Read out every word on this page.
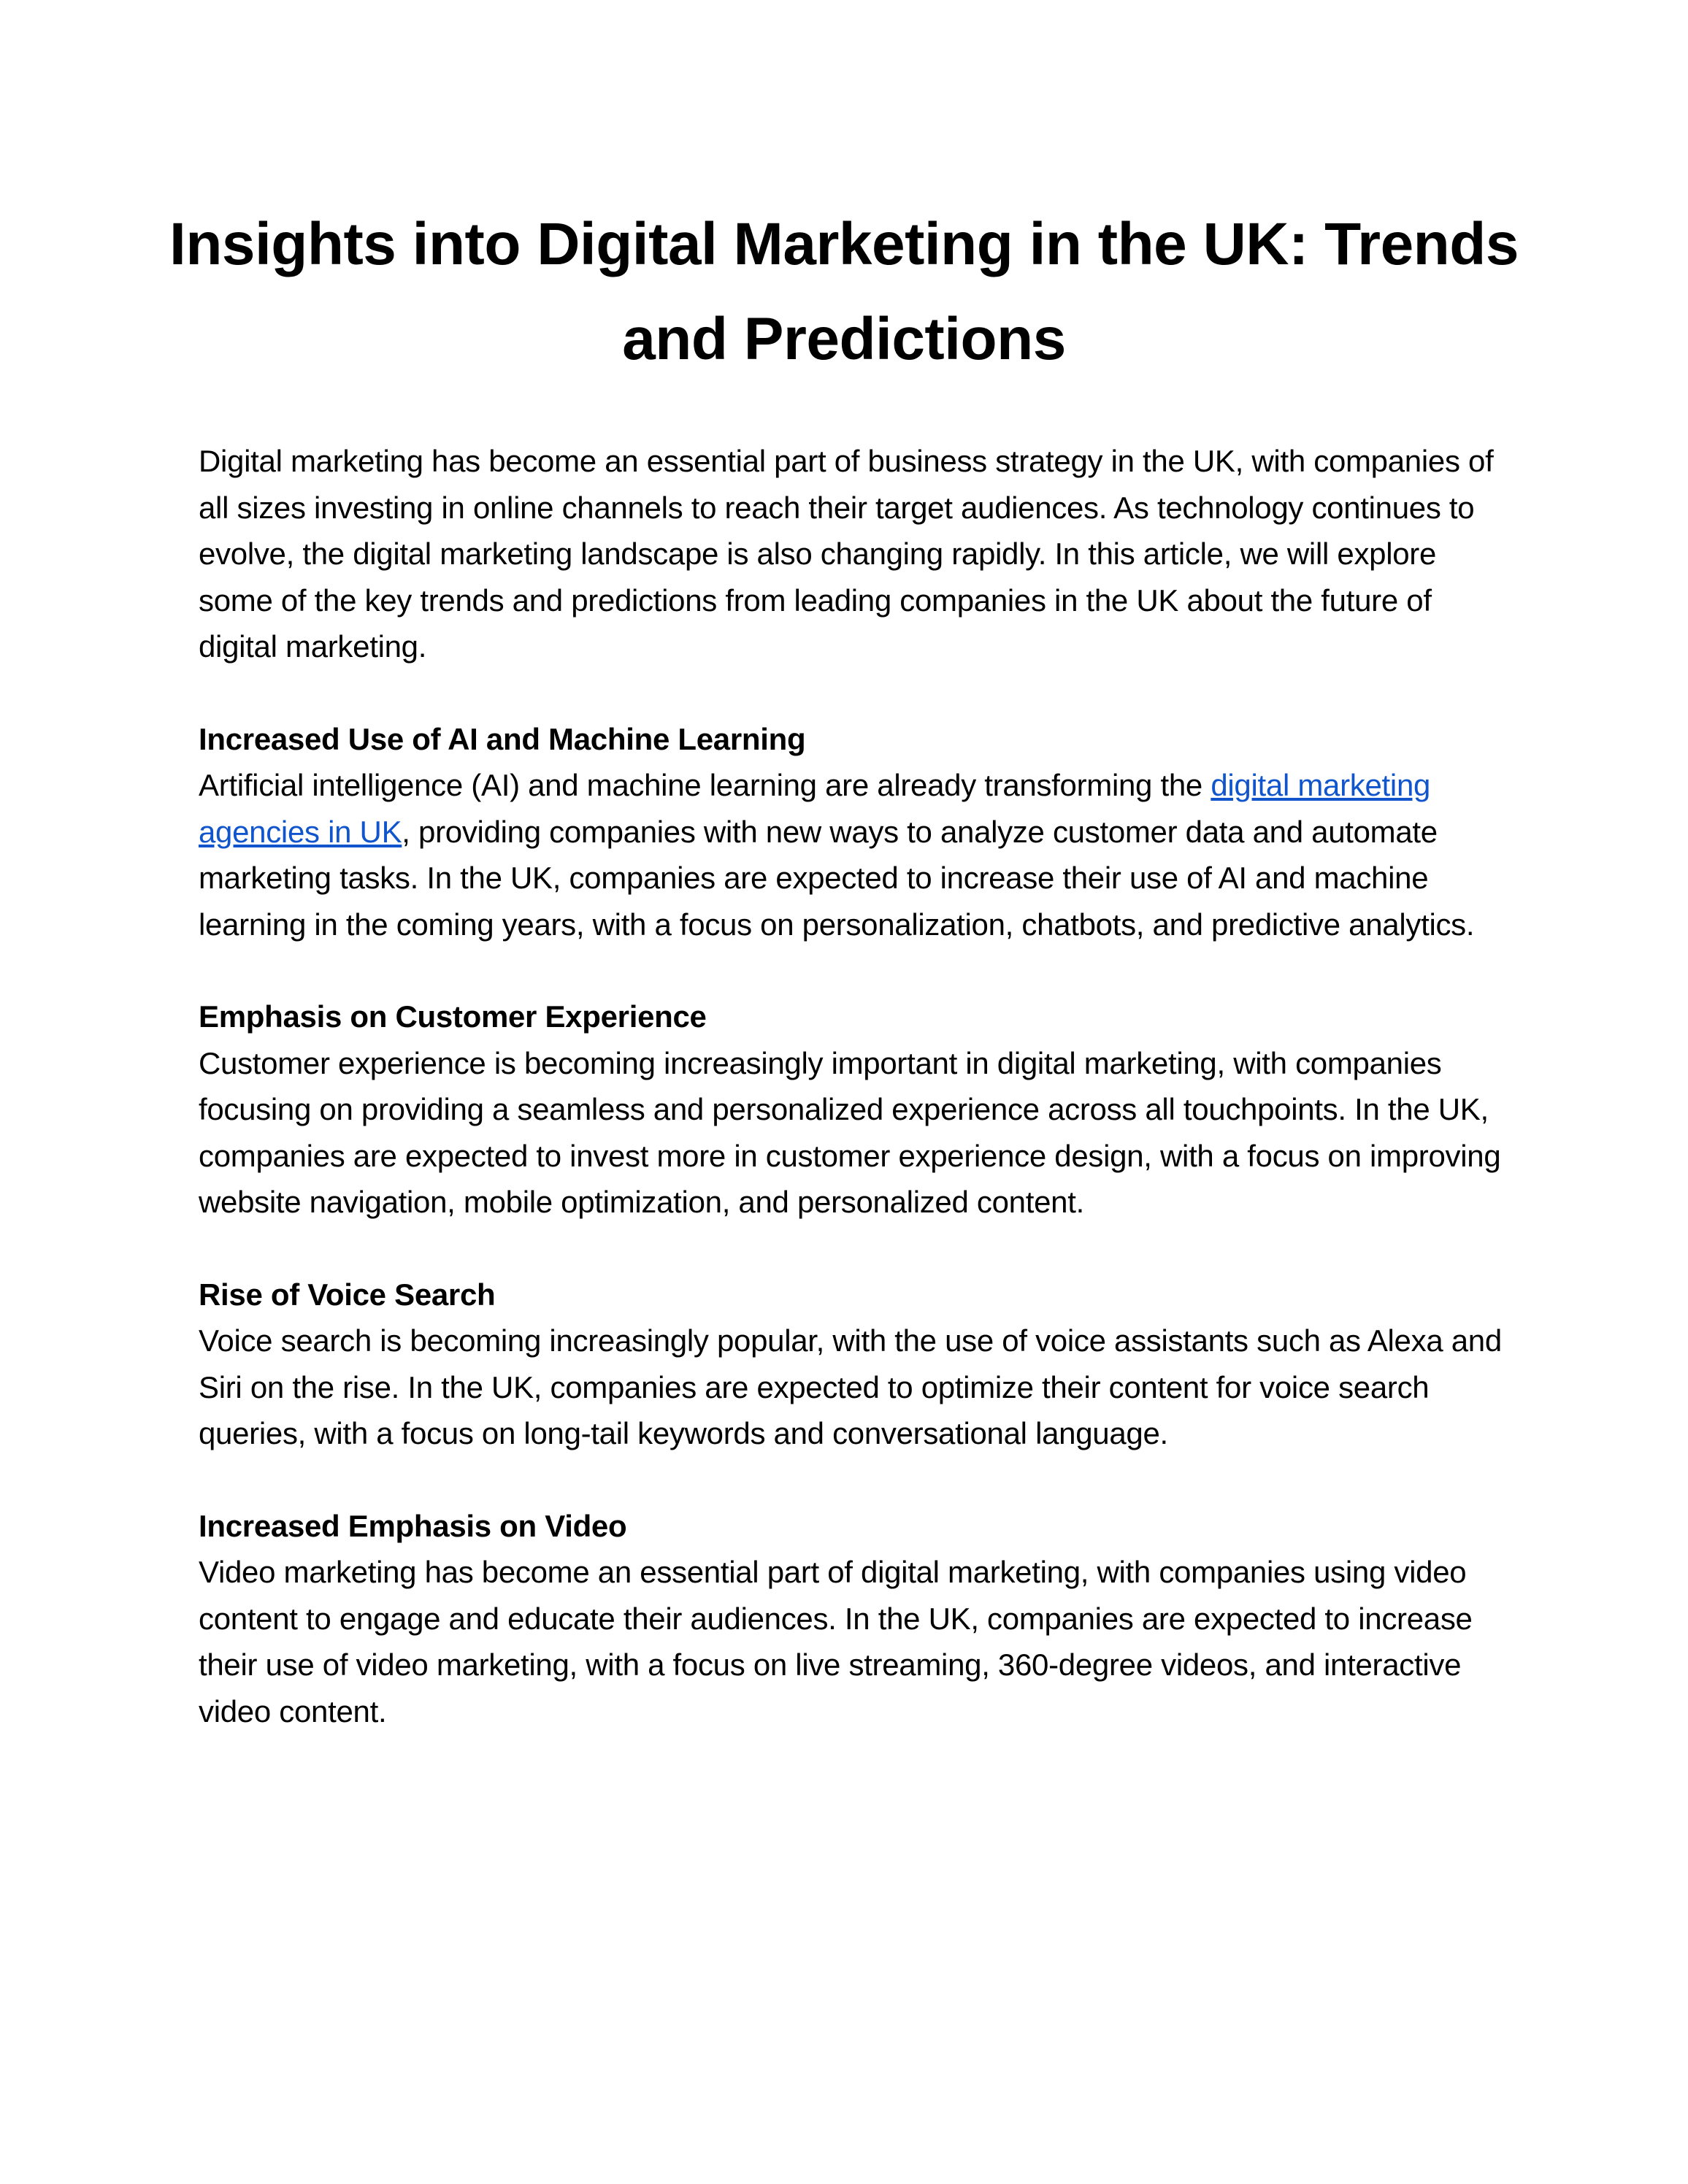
Insights into Digital Marketing in the UK: Trends and Predictions

Digital marketing has become an essential part of business strategy in the UK, with companies of all sizes investing in online channels to reach their target audiences. As technology continues to evolve, the digital marketing landscape is also changing rapidly. In this article, we will explore some of the key trends and predictions from leading companies in the UK about the future of digital marketing.

Increased Use of AI and Machine Learning

Artificial intelligence (AI) and machine learning are already transforming the digital marketing agencies in UK, providing companies with new ways to analyze customer data and automate marketing tasks. In the UK, companies are expected to increase their use of AI and machine learning in the coming years, with a focus on personalization, chatbots, and predictive analytics.

Emphasis on Customer Experience

Customer experience is becoming increasingly important in digital marketing, with companies focusing on providing a seamless and personalized experience across all touchpoints. In the UK, companies are expected to invest more in customer experience design, with a focus on improving website navigation, mobile optimization, and personalized content.

Rise of Voice Search

Voice search is becoming increasingly popular, with the use of voice assistants such as Alexa and Siri on the rise. In the UK, companies are expected to optimize their content for voice search queries, with a focus on long-tail keywords and conversational language.

Increased Emphasis on Video

Video marketing has become an essential part of digital marketing, with companies using video content to engage and educate their audiences. In the UK, companies are expected to increase their use of video marketing, with a focus on live streaming, 360-degree videos, and interactive video content.
